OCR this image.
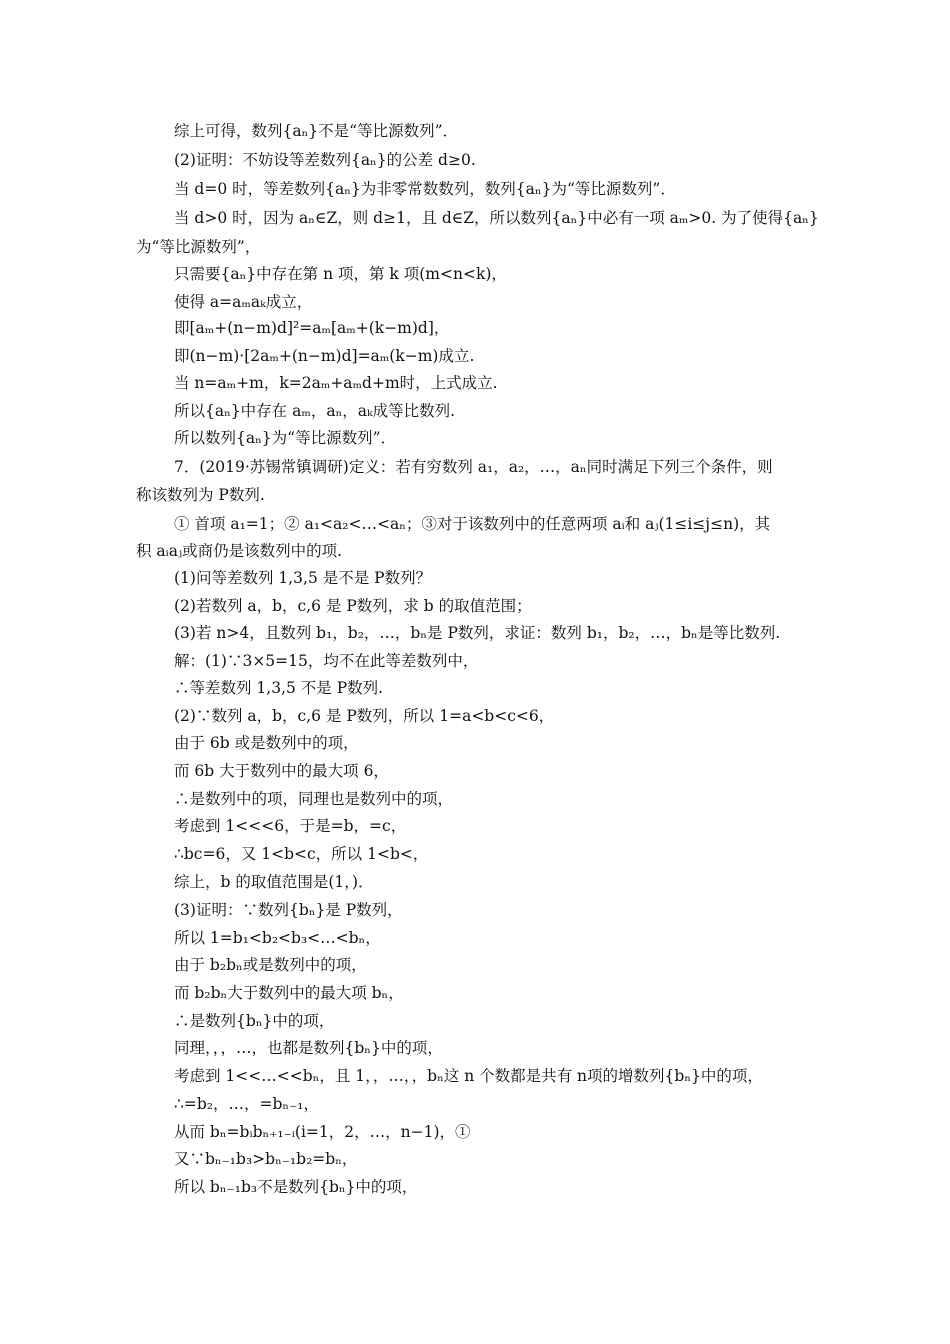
综上可得，数列{aₙ}不是“等比源数列”．
(2)证明：不妨设等差数列{aₙ}的公差 d≥0.
当 d=0 时，等差数列{aₙ}为非零常数数列，数列{aₙ}为“等比源数列”．
当 d>0 时，因为 aₙ∈Z，则 d≥1，且 d∈Z，所以数列{aₙ}中必有一项 aₘ>0. 为了使得{aₙ}
为“等比源数列”，
只需要{aₙ}中存在第 n 项，第 k 项(m<n<k)，
使得 a=aₘaₖ成立，
即[aₘ+(n−m)d]²=aₘ[aₘ+(k−m)d]，
即(n−m)·[2aₘ+(n−m)d]=aₘ(k−m)成立.
当 n=aₘ+m，k=2aₘ+aₘd+m时，上式成立.
所以{aₙ}中存在 aₘ，aₙ，aₖ成等比数列.
所以数列{aₙ}为“等比源数列”．
7．(2019·苏锡常镇调研)定义：若有穷数列 a₁，a₂，…，aₙ同时满足下列三个条件，则
称该数列为 P数列.
① 首项 a₁=1；② a₁<a₂<…<aₙ；③对于该数列中的任意两项 aᵢ和 aⱼ(1≤i≤j≤n)，其
积 aᵢaⱼ或商仍是该数列中的项.
(1)问等差数列 1,3,5 是不是 P数列？
(2)若数列 a，b，c,6 是 P数列，求 b 的取值范围；
(3)若 n>4，且数列 b₁，b₂，…，bₙ是 P数列，求证：数列 b₁，b₂，…，bₙ是等比数列.
解：(1)∵3×5=15，均不在此等差数列中，
∴等差数列 1,3,5 不是 P数列.
(2)∵数列 a，b，c,6 是 P数列，所以 1=a<b<c<6，
由于 6b 或是数列中的项，
而 6b 大于数列中的最大项 6，
∴是数列中的项，同理也是数列中的项，
考虑到 1<<<6，于是=b，=c，
∴bc=6，又 1<b<c，所以 1<b<，
综上，b 的取值范围是(1，)．
(3)证明：∵数列{bₙ}是 P数列，
所以 1=b₁<b₂<b₃<…<bₙ，
由于 b₂bₙ或是数列中的项，
而 b₂bₙ大于数列中的最大项 bₙ，
∴是数列{bₙ}中的项，
同理，，，…，也都是数列{bₙ}中的项，
考虑到 1<<…<<bₙ，且 1，，…，，bₙ这 n 个数都是共有 n项的增数列{bₙ}中的项，
∴=b₂，…，=bₙ₋₁，
从而 bₙ=bᵢbₙ₊₁₋ᵢ(i=1，2，…，n−1)，①
又∵bₙ₋₁b₃>bₙ₋₁b₂=bₙ，
所以 bₙ₋₁b₃不是数列{bₙ}中的项，
